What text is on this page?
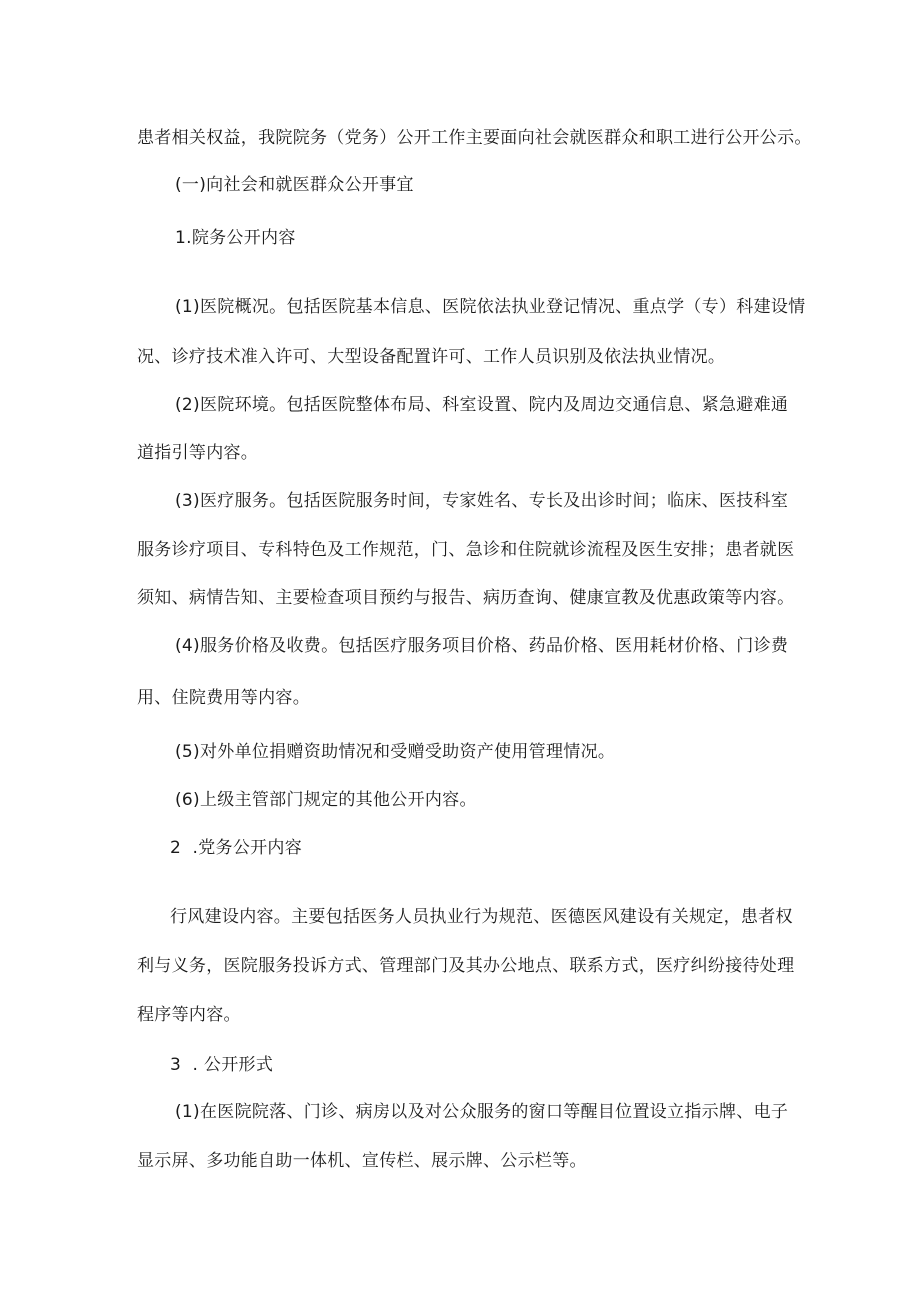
患者相关权益，我院院务（党务）公开工作主要面向社会就医群众和职工进行公开公示。
(一)向社会和就医群众公开事宜
1.院务公开内容
(1)医院概况。包括医院基本信息、医院依法执业登记情况、重点学（专）科建设情
况、诊疗技术准入许可、大型设备配置许可、工作人员识别及依法执业情况。
(2)医院环境。包括医院整体布局、科室设置、院内及周边交通信息、紧急避难通
道指引等内容。
(3)医疗服务。包括医院服务时间，专家姓名、专长及出诊时间；临床、医技科室
服务诊疗项目、专科特色及工作规范，门、急诊和住院就诊流程及医生安排；患者就医
须知、病情告知、主要检查项目预约与报告、病历查询、健康宣教及优惠政策等内容。
(4)服务价格及收费。包括医疗服务项目价格、药品价格、医用耗材价格、门诊费
用、住院费用等内容。
(5)对外单位捐赠资助情况和受赠受助资产使用管理情况。
(6)上级主管部门规定的其他公开内容。
2  .党务公开内容
行风建设内容。主要包括医务人员执业行为规范、医德医风建设有关规定，患者权
利与义务，医院服务投诉方式、管理部门及其办公地点、联系方式，医疗纠纷接待处理
程序等内容。
3  . 公开形式
(1)在医院院落、门诊、病房以及对公众服务的窗口等醒目位置设立指示牌、电子
显示屏、多功能自助一体机、宣传栏、展示牌、公示栏等。
